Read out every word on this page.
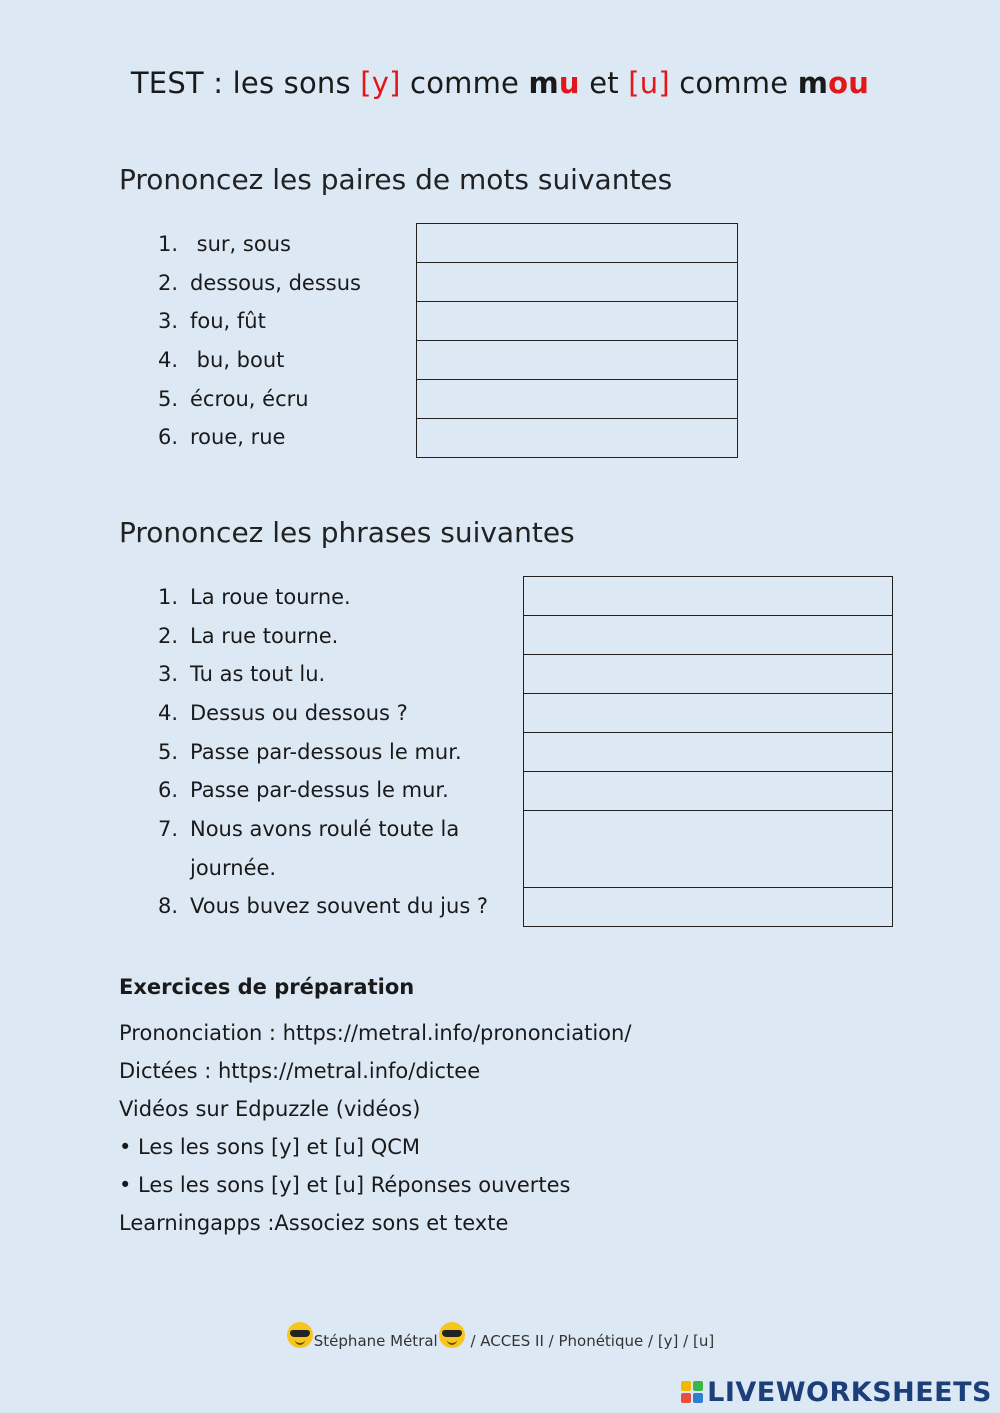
TEST : les sons [y] comme mu et [u] comme mou
Prononcez les paires de mots suivantes
1. sur, sous
2. dessous, dessus
3. fou, fût
4. bu, bout
5. écrou, écru
6. roue, rue
Prononcez les phrases suivantes
1. La roue tourne.
2. La rue tourne.
3. Tu as tout lu.
4. Dessus ou dessous ?
5. Passe par-dessous le mur.
6. Passe par-dessus le mur.
7. Nous avons roulé toute la journée.
8. Vous buvez souvent du jus ?
Exercices de préparation
Prononciation : https://metral.info/prononciation/
Dictées : https://metral.info/dictee
Vidéos sur Edpuzzle (vidéos)
• Les les sons [y] et [u] QCM
• Les les sons [y] et [u] Réponses ouvertes
Learningapps :Associez sons et texte
Stéphane Métral / ACCES II / Phonétique / [y] / [u]
LIVEWORKSHEETS
